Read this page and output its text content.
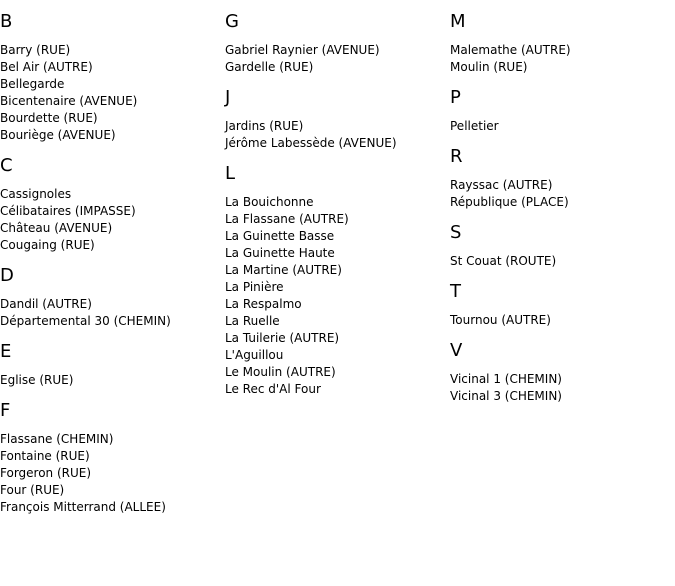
B
Barry (RUE)
Bel Air (AUTRE)
Bellegarde
Bicentenaire (AVENUE)
Bourdette (RUE)
Bouriège (AVENUE)
C
Cassignoles
Célibataires (IMPASSE)
Château (AVENUE)
Cougaing (RUE)
D
Dandil (AUTRE)
Départemental 30 (CHEMIN)
E
Eglise (RUE)
F
Flassane (CHEMIN)
Fontaine (RUE)
Forgeron (RUE)
Four (RUE)
François Mitterrand (ALLEE)
G
Gabriel Raynier (AVENUE)
Gardelle (RUE)
J
Jardins (RUE)
Jérôme Labessède (AVENUE)
L
La Bouichonne
La Flassane (AUTRE)
La Guinette Basse
La Guinette Haute
La Martine (AUTRE)
La Pinière
La Respalmo
La Ruelle
La Tuilerie (AUTRE)
L'Aguillou
Le Moulin (AUTRE)
Le Rec d'Al Four
M
Malemathe (AUTRE)
Moulin (RUE)
P
Pelletier
R
Rayssac (AUTRE)
République (PLACE)
S
St Couat (ROUTE)
T
Tournou (AUTRE)
V
Vicinal 1 (CHEMIN)
Vicinal 3 (CHEMIN)
